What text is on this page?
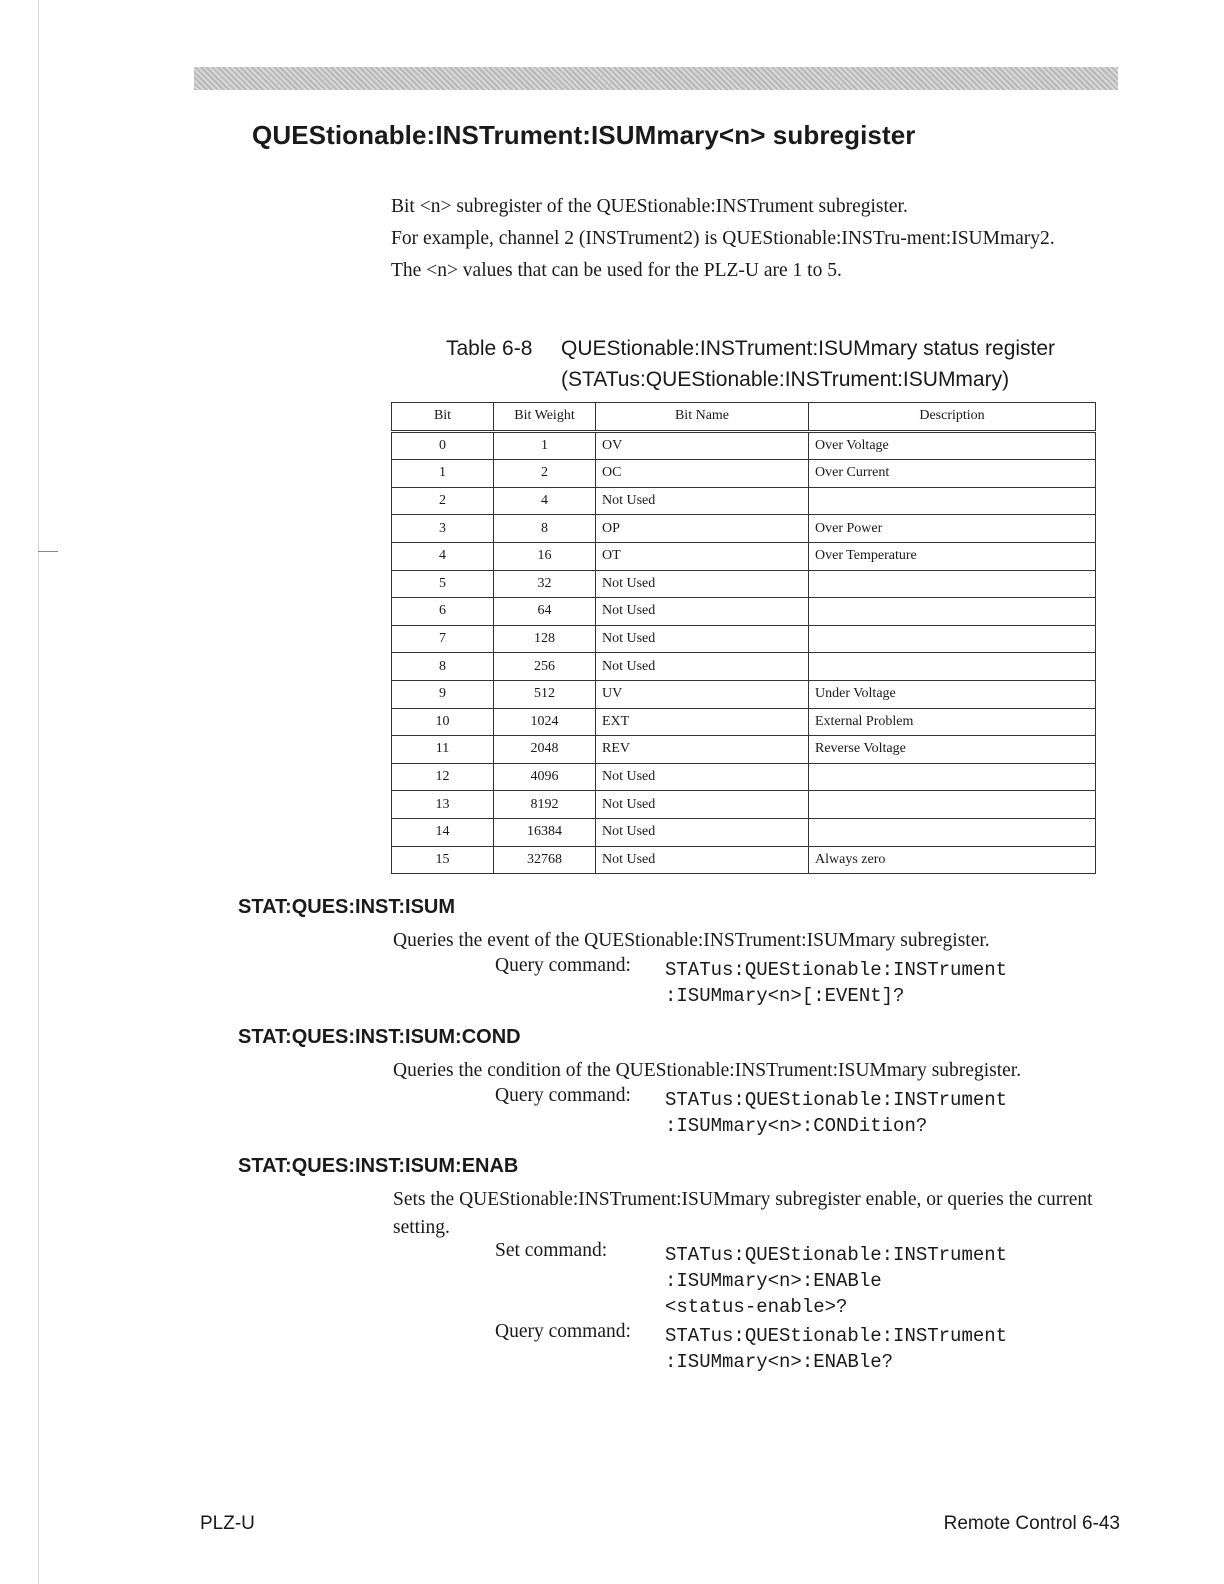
QUEStionable:INSTrument:ISUMmary<n> subregister

Bit <n> subregister of the QUEStionable:INSTrument subregister.

For example, channel 2 (INSTrument2) is QUEStionable:INSTru-ment:ISUMmary2.

The <n> values that can be used for the PLZ-U are 1 to 5.

Table 6-8 QUEStionable:INSTrument:ISUMmary status register
(STATus:QUEStionable:INSTrument:ISUMmary)
Bit	Bit Weight	Bit Name	Description
0	1	OV	Over Voltage
1	2	OC	Over Current
2	4	Not Used	
3	8	OP	Over Power
4	16	OT	Over Temperature
5	32	Not Used	
6	64	Not Used	
7	128	Not Used	
8	256	Not Used	
9	512	UV	Under Voltage
10	1024	EXT	External Problem
11	2048	REV	Reverse Voltage
12	4096	Not Used	
13	8192	Not Used	
14	16384	Not Used	
15	32768	Not Used	Always zero
STAT:QUES:INST:ISUM
Queries the event of the QUEStionable:INSTrument:ISUMmary subregister.
Query command: STATus:QUEStionable:INSTrument
:ISUMmary<n>[:EVENt]?
STAT:QUES:INST:ISUM:COND
Queries the condition of the QUEStionable:INSTrument:ISUMmary subregister.
Query command: STATus:QUEStionable:INSTrument
:ISUMmary<n>:CONDition?
STAT:QUES:INST:ISUM:ENAB
Sets the QUEStionable:INSTrument:ISUMmary subregister enable, or queries the current setting.
Set command:	STATus:QUEStionable:INSTrument
:ISUMmary<n>:ENABle
<status-enable>?
Query command: STATus:QUEStionable:INSTrument
:ISUMmary<n>:ENABle?
PLZ-U	Remote Control 6-43
